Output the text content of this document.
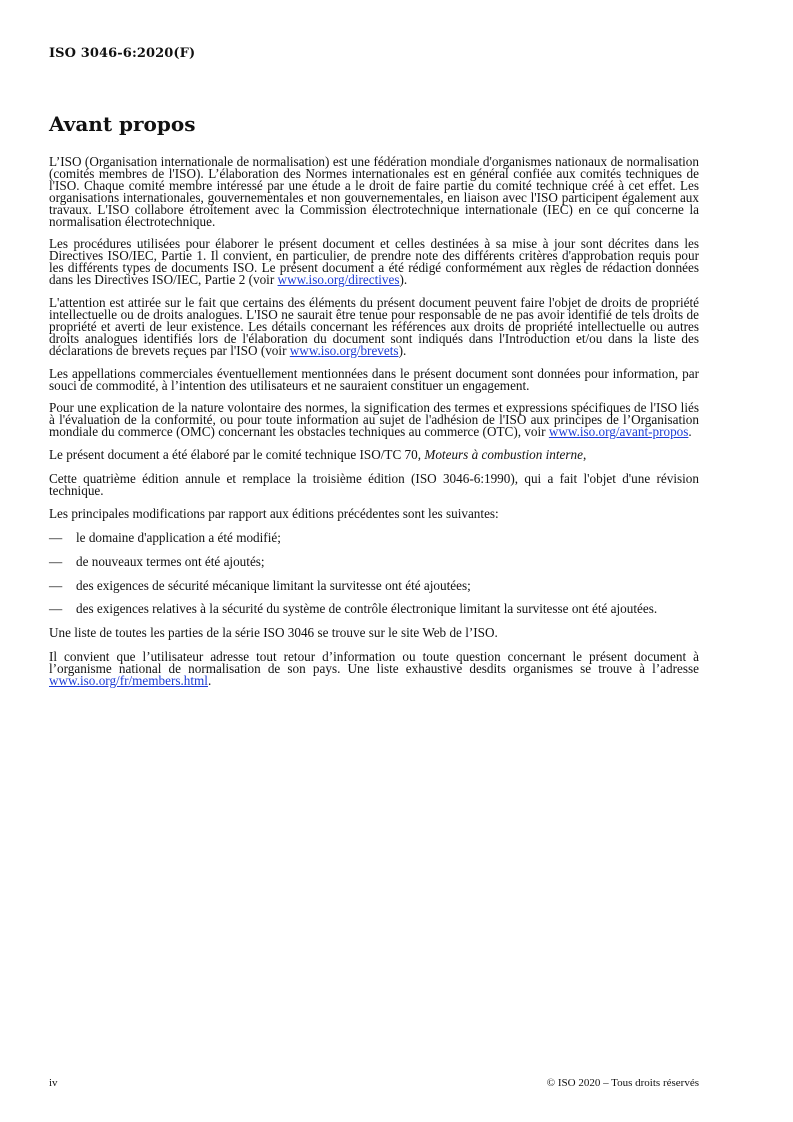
ISO 3046-6:2020(F)
Avant propos

L’ISO (Organisation internationale de normalisation) est une fédération mondiale d'organismes nationaux de normalisation (comités membres de l'ISO). L’élaboration des Normes internationales est en général confiée aux comités techniques de l'ISO. Chaque comité membre intéressé par une étude a le droit de faire partie du comité technique créé à cet effet. Les organisations internationales, gouvernementales et non gouvernementales, en liaison avec l'ISO participent également aux travaux. L'ISO collabore étroitement avec la Commission électrotechnique internationale (IEC) en ce qui concerne la normalisation électrotechnique.

Les procédures utilisées pour élaborer le présent document et celles destinées à sa mise à jour sont décrites dans les Directives ISO/IEC, Partie 1. Il convient, en particulier, de prendre note des différents critères d'approbation requis pour les différents types de documents ISO. Le présent document a été rédigé conformément aux règles de rédaction données dans les Directives ISO/IEC, Partie 2 (voir www.iso.org/directives).

L'attention est attirée sur le fait que certains des éléments du présent document peuvent faire l'objet de droits de propriété intellectuelle ou de droits analogues. L'ISO ne saurait être tenue pour responsable de ne pas avoir identifié de tels droits de propriété et averti de leur existence. Les détails concernant les références aux droits de propriété intellectuelle ou autres droits analogues identifiés lors de l'élaboration du document sont indiqués dans l'Introduction et/ou dans la liste des déclarations de brevets reçues par l'ISO (voir www.iso.org/brevets).

Les appellations commerciales éventuellement mentionnées dans le présent document sont données pour information, par souci de commodité, à l’intention des utilisateurs et ne sauraient constituer un engagement.

Pour une explication de la nature volontaire des normes, la signification des termes et expressions spécifiques de l'ISO liés à l'évaluation de la conformité, ou pour toute information au sujet de l'adhésion de l'ISO aux principes de l’Organisation mondiale du commerce (OMC) concernant les obstacles techniques au commerce (OTC), voir www.iso.org/avant-propos.

Le présent document a été élaboré par le comité technique ISO/TC 70, Moteurs à combustion interne,

Cette quatrième édition annule et remplace la troisième édition (ISO 3046-6:1990), qui a fait l'objet d'une révision technique.

Les principales modifications par rapport aux éditions précédentes sont les suivantes:

— le domaine d'application a été modifié;
— de nouveaux termes ont été ajoutés;
— des exigences de sécurité mécanique limitant la survitesse ont été ajoutées;
— des exigences relatives à la sécurité du système de contrôle électronique limitant la survitesse ont été ajoutées.

Une liste de toutes les parties de la série ISO 3046 se trouve sur le site Web de l’ISO.

Il convient que l’utilisateur adresse tout retour d’information ou toute question concernant le présent document à l’organisme national de normalisation de son pays. Une liste exhaustive desdits organismes se trouve à l’adresse www.iso.org/fr/members.html.

iv	© ISO 2020 – Tous droits réservés
